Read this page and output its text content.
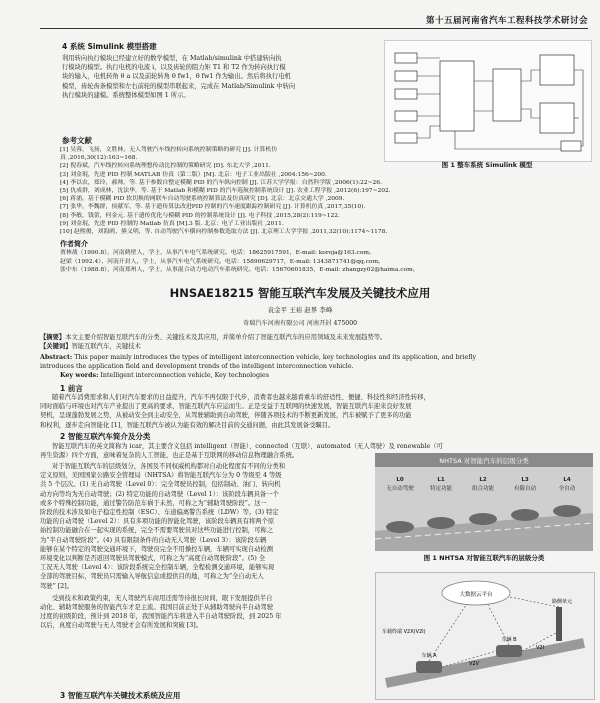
第十五届河南省汽车工程科技学术研讨会
4 系统 Simulink 模型搭建

利用转向执行模块已经建立好的数学模型，在 Matlab/simulink 中搭建转向执

行模块的模型。执行电机的电流 i，以及齿轮的阻力矩 T1 和 T2 作为转向执行模

块的输入，电机转角 θ a 以及前轮转角 θ fw1，θ fw1 作为输出。然后将执行电机

模型，齿轮齿条模型和左右前轮的模型串联起来，完成在 Matlab/Simulink 中转向

执行模块的建模。系统整体模型如图 1 所示。

参考文献
图 1 整车系统 Simulink 模型
[1] 吴蓉，飞扬，文胜林，无人驾驶汽车线控转向系统控制策略的研究 [J]. 计算机仿
真 ,2016,30(12):163~168.
[2] 倪春斌，汽车线控转向系统理想传动比控制的策略研究 [D]. 东北大学 ,2011.
[3] 刘金琨，先进 PID 控制 MATLAB 仿真（第二版）[M]. 北京：电子工业出版社 ,2004:156~200.
[4] 李以农，郑玲，郝帅，等. 基于参数自整定模糊 PID 的汽车纵向控制 [J]. 江苏大学学报：自然科学版 ,2006(1):22~26.
[5] 仇成群，刘成林，沈法华，等. 基于 Matlab 和模糊 PID 的汽车巡航控制系统设计 [J]. 农业工程学报 ,2012(6):197~202.
[6] 蒋浦，基于模糊 PID 软切换的网联车自动驾驶系统控制算法及仿真研究 [D]. 北京：北京交通大学 ,2009.
[7] 张华，李魏群，侯献军，等. 基于遗传算法改进PID 控制的汽车速度跟踪控制研究 [J]. 计算机仿真 ,2017,35(10).
[8] 李敏，钱蕾，何金元. 基于遗传优化与模糊 PID 的控制系统设计 [J]. 电子科技 ,2015,28(2):119~122.
[9] 刘金琨，先进 PID 控制的 Matlab 仿真 [M].3 版. 北京：电子工业出版社 ,2011.
[10] 赵熙俊，刘海鸥，熊义明，等. 自动驾驶汽车横向控制参数选取方法 [J]. 北京理工大学学报 ,2011,32(10):1174~1178.
作者简介
贾林战（1990.8），河南鹤壁人，学士，从事汽车电气系统研究。电话：18625917591，E-mail: koroja@163.com。
赵梁（1992.4），河南开封人，学士，从事汽车电气系统研究。电话：15890629717，E-mail: 1343871741@qq.com。
张中东（1988.8），河南郑州人，学士，从事混合动力电动汽车系统研究。电话：15670601835，E-mail: zhangzy02@haima.com。
HNSAE18215 智能互联汽车发展及关键技术应用
袁金平 王裕 赵界 李峰
奇瑞汽车河南有限公司 河南开封 475000

【摘要】本文主要介绍智能互联汽车的分类、关键技术及其应用，并简单介绍了智能互联汽车的应用领域及未来发展趋势等。

【关键词】智能互联汽车，关键技术

Abstract: This paper mainly introduces the types of intelligent interconnection vehicle, key technologies and its application, and briefly

introduces the application field and development trends of the intelligent interconnection vehicle.

Key words: Intelligent interconnection vehicle, Key technologies

1 前言

随着汽车消费需求和人们对汽车要求的日益提升，汽车不再仅限于代步，消费者也越来越看重车的舒适性、便捷、科技性和经济性转移，

同时面临与环境也对汽车产业提出了更高的要求，智能互联汽车应运而生。正是受益于互联网的快速发展，智能互联汽车迎来良好发展

契机，呈现蓬勃发展之势，从被动安全到主动安全，从驾驶辅助到自动驾驶，伴随各项技术的不断更新发展，汽车被赋予了更多的功能

和权利，逐步走向智能化 [1]，智能互联汽车被认为能有效的解决目前的交通问题，由此其发展备受瞩目。

2 智能互联汽车简介及分类

智能互联汽车的英文简称为 icar，其主要含义包括 intelligent（智能）、connected（互联）、automated（无人驾驶）及 renewable（可

再生资源）四个方面，意味着复杂的人工智能，也正是基于互联网的移动信息物理融合系统。

对于智能互联汽车的层级划分，各国及不同权威机构都对自动化程度有不同的分类和

定义原则，美国国家公路安全管理局（NHTSA）将智能互联汽车分为 0 等级至 4 等级

共 5 个层次。(1) 无自动驾驶（Level 0）：完全驾驶员控制，包括制动、油门、转向机

动方向等均为无自动驾驶；(2) 特定功能的自动驾驶（Level 1）：该阶段车辆具备一个

或多个特殊控制功能，通过警告防范车祸于未然，可称之为“辅助驾驶阶段”。这一

阶段的技术涉及如电子稳定性控制（ESC）、车道偏离警告系统（LDW）等。(3) 特定

功能的自动驾驶（Level 2）：具有多项功能的智能化驾驶，该阶段车辆具有将两个原

始控制功能融合在一起实现的系统，完全不需要驾驶员对这些功能进行控制，可称之

为“半自动驾驶阶段”。(4) 具有限制条件的自动无人驾驶（Level 3）：该阶段车辆

能够在某个特定的驾驶交通环境下，驾驶员完全不用操控车辆，车辆可实现自动检测

环境变化以判断是否返回驾驶员驾驶模式，可称之为“高度自动驾驶阶段”。(5) 全

工况无人驾驶（Level 4）：该阶段系统完全控制车辆，全程检测交通环境，能够实现

全部的驾驶目标，驾驶员只需输入导航信息或提供目的地，可称之为“全自动无人

驾驶” [2]。

受到技术和政策约束，无人驾驶汽车商用还需等待很长时间，眼下发展提供半自

动化、辅助驾驶服务的智能汽车才是主流。我国目前正处于从辅助驾驶向半自动驾驶

过度的初级阶段，预计到 2018 年，我国智能汽车将进入半自动驾驶阶段，到 2025 年

以后，真度自动驾驶与无人驾驶才会有所发展和突破 [3]。

3 智能互联汽车关键技术系统及应用
NHTSA 对智能汽车的层级分类
L0
无自动驾驶
L1
特定功能
L2
组合功能
L3
有限自动
L4
全自动
图 1 NHTSA 对智能互联汽车的层级分类
大数据云平台
车辆 A
车辆 B
路侧单元
V2V
V2I
车载终端 V2X(V2I)
